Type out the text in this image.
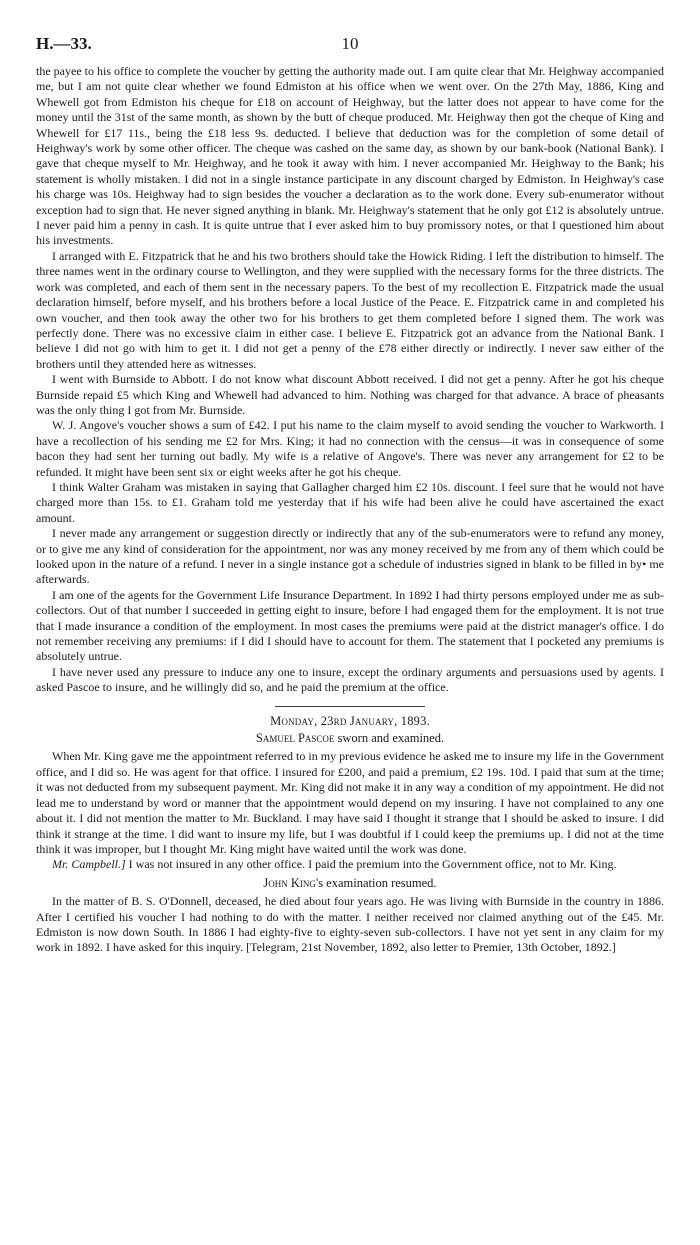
H.—33.	10

the payee to his office to complete the voucher by getting the authority made out. I am quite clear that Mr. Heighway accompanied me, but I am not quite clear whether we found Edmiston at his office when we went over. On the 27th May, 1886, King and Whewell got from Edmiston his cheque for £18 on account of Heighway, but the latter does not appear to have come for the money until the 31st of the same month, as shown by the butt of cheque produced. Mr. Heighway then got the cheque of King and Whewell for £17 11s., being the £18 less 9s. deducted. I believe that deduction was for the completion of some detail of Heighway's work by some other officer. The cheque was cashed on the same day, as shown by our bank-book (National Bank). I gave that cheque myself to Mr. Heighway, and he took it away with him. I never accompanied Mr. Heighway to the Bank; his statement is wholly mistaken. I did not in a single instance participate in any discount charged by Edmiston. In Heighway's case his charge was 10s. Heighway had to sign besides the voucher a declaration as to the work done. Every sub-enumerator without exception had to sign that. He never signed anything in blank. Mr. Heighway's statement that he only got £12 is absolutely untrue. I never paid him a penny in cash. It is quite untrue that I ever asked him to buy promissory notes, or that I questioned him about his investments.

I arranged with E. Fitzpatrick that he and his two brothers should take the Howick Riding. I left the distribution to himself. The three names went in the ordinary course to Wellington, and they were supplied with the necessary forms for the three districts. The work was completed, and each of them sent in the necessary papers. To the best of my recollection E. Fitzpatrick made the usual declaration himself, before myself, and his brothers before a local Justice of the Peace. E. Fitzpatrick came in and completed his own voucher, and then took away the other two for his brothers to get them completed before I signed them. The work was perfectly done. There was no excessive claim in either case. I believe E. Fitzpatrick got an advance from the National Bank. I believe I did not go with him to get it. I did not get a penny of the £78 either directly or indirectly. I never saw either of the brothers until they attended here as witnesses.

I went with Burnside to Abbott. I do not know what discount Abbott received. I did not get a penny. After he got his cheque Burnside repaid £5 which King and Whewell had advanced to him. Nothing was charged for that advance. A brace of pheasants was the only thing I got from Mr. Burnside.

W. J. Angove's voucher shows a sum of £42. I put his name to the claim myself to avoid sending the voucher to Warkworth. I have a recollection of his sending me £2 for Mrs. King; it had no connection with the census—it was in consequence of some bacon they had sent her turning out badly. My wife is a relative of Angove's. There was never any arrangement for £2 to be refunded. It might have been sent six or eight weeks after he got his cheque.

I think Walter Graham was mistaken in saying that Gallagher charged him £2 10s. discount. I feel sure that he would not have charged more than 15s. to £1. Graham told me yesterday that if his wife had been alive he could have ascertained the exact amount.

I never made any arrangement or suggestion directly or indirectly that any of the sub-enumerators were to refund any money, or to give me any kind of consideration for the appointment, nor was any money received by me from any of them which could be looked upon in the nature of a refund. I never in a single instance got a schedule of industries signed in blank to be filled in by• me afterwards.

I am one of the agents for the Government Life Insurance Department. In 1892 I had thirty persons employed under me as sub-collectors. Out of that number I succeeded in getting eight to insure, before I had engaged them for the employment. It is not true that I made insurance a condition of the employment. In most cases the premiums were paid at the district manager's office. I do not remember receiving any premiums: if I did I should have to account for them. The statement that I pocketed any premiums is absolutely untrue.

I have never used any pressure to induce any one to insure, except the ordinary arguments and persuasions used by agents. I asked Pascoe to insure, and he willingly did so, and he paid the premium at the office.

Monday, 23rd January, 1893.
Samuel Pascoe sworn and examined.

When Mr. King gave me the appointment referred to in my previous evidence he asked me to insure my life in the Government office, and I did so. He was agent for that office. I insured for £200, and paid a premium, £2 19s. 10d. I paid that sum at the time; it was not deducted from my subsequent payment. Mr. King did not make it in any way a condition of my appointment. He did not lead me to understand by word or manner that the appointment would depend on my insuring. I have not complained to any one about it. I did not mention the matter to Mr. Buckland. I may have said I thought it strange that I should be asked to insure. I did think it strange at the time. I did want to insure my life, but I was doubtful if I could keep the premiums up. I did not at the time think it was improper, but I thought Mr. King might have waited until the work was done.

Mr. Campbell.] I was not insured in any other office. I paid the premium into the Government office, not to Mr. King.

John King's examination resumed.

In the matter of B. S. O'Donnell, deceased, he died about four years ago. He was living with Burnside in the country in 1886. After I certified his voucher I had nothing to do with the matter. I neither received nor claimed anything out of the £45. Mr. Edmiston is now down South. In 1886 I had eighty-five to eighty-seven sub-collectors. I have not yet sent in any claim for my work in 1892. I have asked for this inquiry. [Telegram, 21st November, 1892, also letter to Premier, 13th October, 1892.]
